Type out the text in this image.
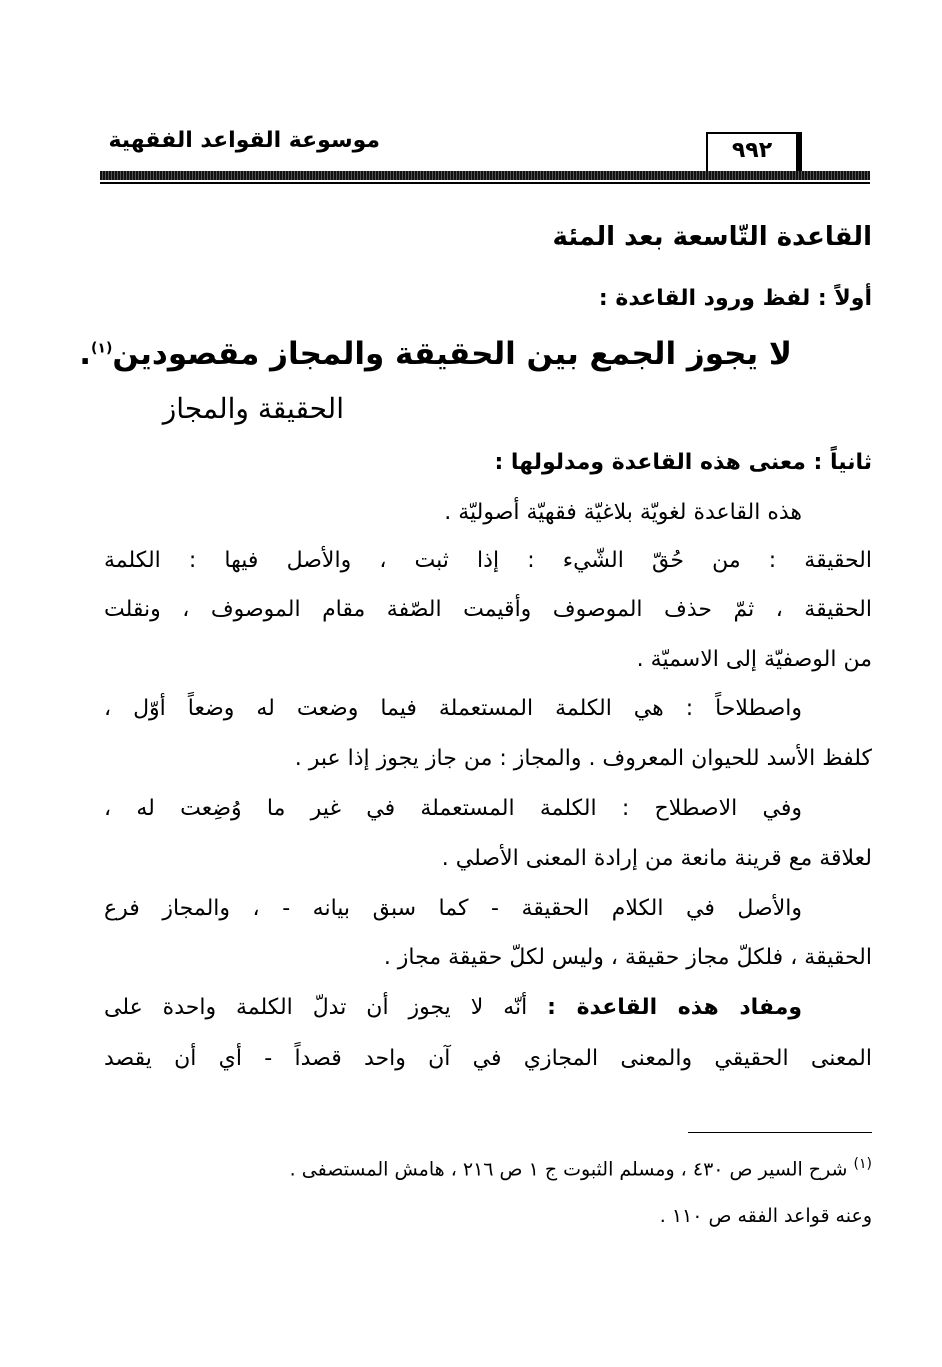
موسوعة القواعد الفقهية	٩٩٢
القاعدة التّاسعة بعد المئة
أولاً : لفظ ورود القاعدة :
لا يجوز الجمع بين الحقيقة والمجاز مقصودين$^{(١)}$.
الحقيقة والمجاز
ثانياً : معنى هذه القاعدة ومدلولها :
هذه القاعدة لغويّة بلاغيّة فقهيّة أصوليّة .
الحقيقة : من حُقّ الشّيء : إذا ثبت ، والأصل فيها : الكلمة
الحقيقة ، ثمّ حذف الموصوف وأقيمت الصّفة مقام الموصوف ، ونقلت
من الوصفيّة إلى الاسميّة .
واصطلاحاً : هي الكلمة المستعملة فيما وضعت له وضعاً أوّل ،
كلفظ الأسد للحيوان المعروف . والمجاز : من جاز يجوز إذا عبر .
وفي الاصطلاح : الكلمة المستعملة في غير ما وُضِعت له ،
لعلاقة مع قرينة مانعة من إرادة المعنى الأصلي .
والأصل في الكلام الحقيقة - كما سبق بيانه - ، والمجاز فرع
الحقيقة ، فلكلّ مجاز حقيقة ، وليس لكلّ حقيقة مجاز .
ومفاد هذه القاعدة : أنّه لا يجوز أن تدلّ الكلمة واحدة على
المعنى الحقيقي والمعنى المجازي في آن واحد قصداً - أي أن يقصد
$^{(١)}$ شرح السير ص ٤٣٠ ، ومسلم الثبوت ج ١ ص ٢١٦ ، هامش المستصفى .
وعنه قواعد الفقه ص ١١٠ .
